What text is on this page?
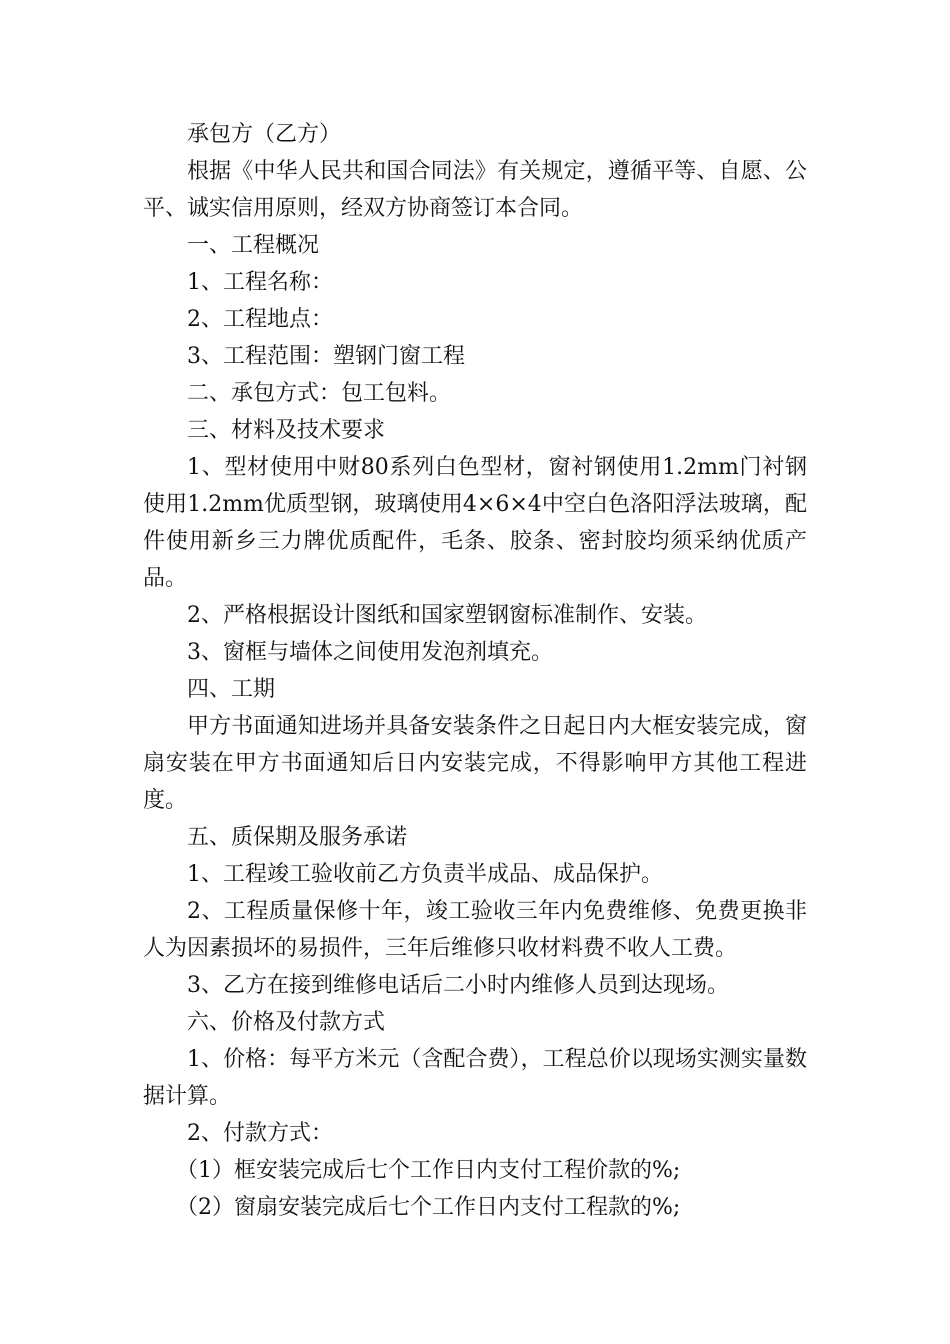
承包方（乙方）

根据《中华人民共和国合同法》有关规定，遵循平等、自愿、公平、诚实信用原则，经双方协商签订本合同。

一、工程概况

1、工程名称：

2、工程地点：

3、工程范围：塑钢门窗工程

二、承包方式：包工包料。

三、材料及技术要求

1、型材使用中财80系列白色型材，窗衬钢使用1.2mm门衬钢使用1.2mm优质型钢，玻璃使用4×6×4中空白色洛阳浮法玻璃，配件使用新乡三力牌优质配件，毛条、胶条、密封胶均须采纳优质产品。

2、严格根据设计图纸和国家塑钢窗标准制作、安装。

3、窗框与墙体之间使用发泡剂填充。

四、工期

甲方书面通知进场并具备安装条件之日起日内大框安装完成，窗扇安装在甲方书面通知后日内安装完成，不得影响甲方其他工程进度。

五、质保期及服务承诺

1、工程竣工验收前乙方负责半成品、成品保护。

2、工程质量保修十年，竣工验收三年内免费维修、免费更换非人为因素损坏的易损件，三年后维修只收材料费不收人工费。

3、乙方在接到维修电话后二小时内维修人员到达现场。

六、价格及付款方式

1、价格：每平方米元（含配合费），工程总价以现场实测实量数据计算。

2、付款方式：

（1）框安装完成后七个工作日内支付工程价款的%;

（2）窗扇安装完成后七个工作日内支付工程款的%;
